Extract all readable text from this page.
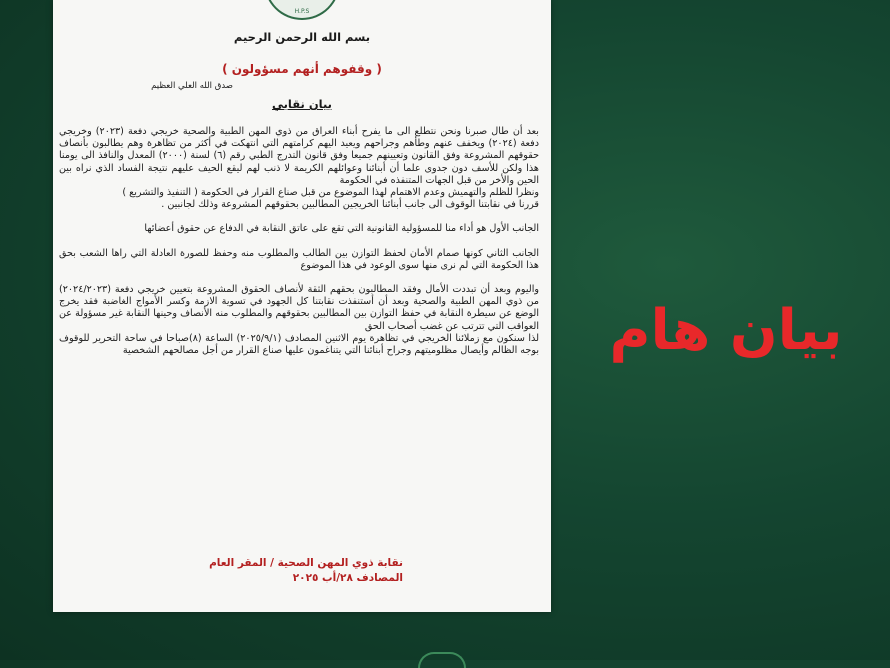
H.P.S
بسم الله الرحمن الرحيم
( وقفوهم أنهم مسؤولون )
صدق الله العلي العظيم
بيان نقابي

بعد أن طال صبرنا ونحن نتطلع الى ما يفرح أبناء العراق من ذوي المهن الطبية والصحية خريجي دفعة (٢٠٢٣) وخريجي دفعة (٢٠٢٤) ويخفف عنهم وطأهم وجراحهم ويعيد اليهم كرامتهم التي انتهكت في أكثر من تظاهرة وهم يطالبون بأنصاف حقوقهم المشروعة وفق القانون وتعيينهم جميعا وفق قانون التدرج الطبي رقم (٦) لسنة (٢٠٠٠) المعدل والنافذ الى يومنا هذا ولكن للأسف دون جدوى علما أن أبنائنا وعوائلهم الكريمة لا ذنب لهم ليقع الحيف عليهم نتيجة الفساد الذي نراه بين الحين والأخر من قبل الجهات المتنفذه في الحكومة

ونظرا للظلم والتهميش وعدم الاهتمام لهذا الموضوع من قبل صناع القرار في الحكومة ( التنفيذ والتشريع )

قررنا في نقابتنا الوقوف الى جانب أبنائنا الخريجين المطالبين بحقوقهم المشروعة وذلك لجانبين .

الجانب الأول هو أداء منا للمسؤولية القانونية التي تقع على عاتق النقابة في الدفاع عن حقوق أعضائها

الجانب الثاني كونها صمام الأمان لحفظ التوازن بين الطالب والمطلوب منه وحفظ للصورة العادلة التي راها الشعب بحق هذا الحكومة التي لم نرى منها سوى الوعود في هذا الموضوع

واليوم وبعد أن تبددت الأمال وفقد المطالبون بحقهم الثقة لأنصاف الحقوق المشروعة بتعيين خريجي دفعة (٢٠٢٤/٢٠٢٣) من ذوي المهن الطبية والصحية وبعد أن أستنفذت نقابتنا كل الجهود في تسوية الازمة وكسر الأمواج الغاضبة فقد يخرج الوضع عن سيطرة النقابة في حفظ التوازن بين المطالبين بحقوقهم والمطلوب منه الأنصاف وحينها النقابة غير مسؤولة عن العواقب التي تترتب عن غضب أصحاب الحق

لذا سنكون مع زملائنا الخريجي في تظاهرة يوم الاثنين المصادف (٢٠٢٥/٩/١) الساعة (٨)صباحا في ساحة التحرير للوقوف بوجه الظالم وأيصال مظلوميتهم وجراح أبنائنا التي يتناغمون عليها صناع القرار من أجل مصالحهم الشخصية

نقابة ذوي المهن الصحية / المقر العام
المصادف ٢٨/أب ٢٠٢٥
بيان هام
